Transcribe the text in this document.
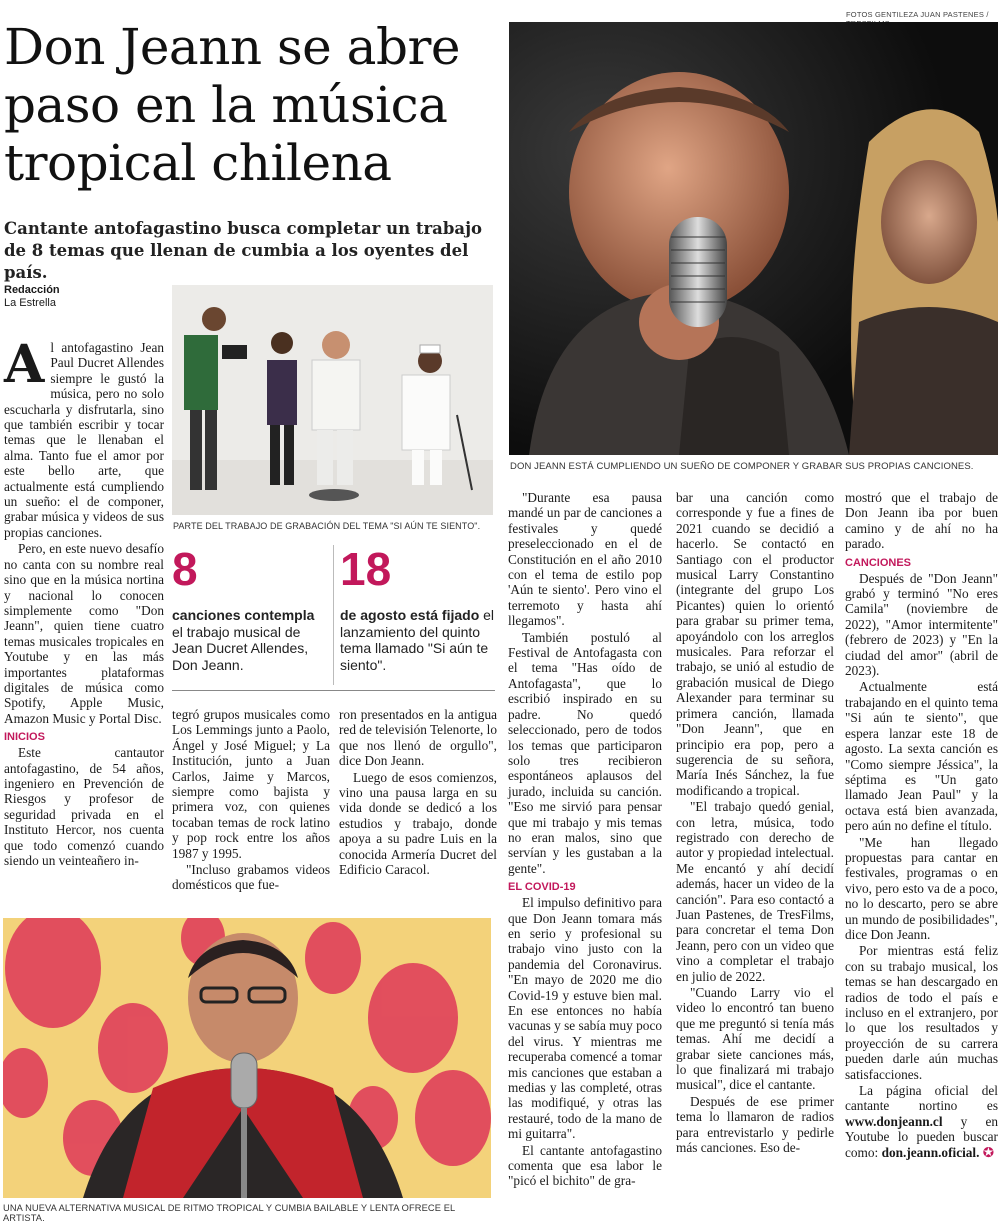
FOTOS GENTILEZA JUAN PASTENES /
Don Jeann se abre paso en la música tropical chilena
Cantante antofagastino busca completar un trabajo de 8 temas que llenan de cumbia a los oyentes del país.
Redacción
La Estrella
DON JEANN ESTÁ CUMPLIENDO UN SUEÑO DE COMPONER Y GRABAR SUS PROPIAS CANCIONES.
PARTE DEL TRABAJO DE GRABACIÓN DEL TEMA "SI AÚN TE SIENTO".

Al antofagastino Jean Paul Ducret Allendes siempre le gustó la música, pero no solo escucharla y disfrutarla, sino que también escribir y tocar temas que le llenaban el alma. Tanto fue el amor por este bello arte, que actualmente está cumpliendo un sueño: el de componer, grabar música y videos de sus propias canciones.

Pero, en este nuevo desafío no canta con su nombre real sino que en la música nortina y nacional lo conocen simplemente como "Don Jeann", quien tiene cuatro temas musicales tropicales en Youtube y en las más importantes plataformas digitales de música como Spotify, Apple Music, Amazon Music y Portal Disc.

INICIOS

Este cantautor antofagastino, de 54 años, ingeniero en Prevención de Riesgos y profesor de seguridad privada en el Instituto Hercor, nos cuenta que todo comenzó cuando siendo un veinteañero in-

8
canciones contempla el trabajo musical de Jean Ducret Allendes, Don Jeann.
18
de agosto está fijado el lanzamiento del quinto tema llamado "Si aún te siento".

tegró grupos musicales como Los Lemmings junto a Paolo, Ángel y José Miguel; y La Institución, junto a Juan Carlos, Jaime y Marcos, siempre como bajista y primera voz, con quienes tocaban temas de rock latino y pop rock entre los años 1987 y 1995.

"Incluso grabamos videos domésticos que fue-

ron presentados en la antigua red de televisión Telenorte, lo que nos llenó de orgullo", dice Don Jeann.

Luego de esos comienzos, vino una pausa larga en su vida donde se dedicó a los estudios y trabajo, donde apoya a su padre Luis en la conocida Armería Ducret del Edificio Caracol.

UNA NUEVA ALTERNATIVA MUSICAL DE RITMO TROPICAL Y CUMBIA BAILABLE Y LENTA OFRECE EL ARTISTA.

"Durante esa pausa mandé un par de canciones a festivales y quedé preseleccionado en el de Constitución en el año 2010 con el tema de estilo pop 'Aún te siento'. Pero vino el terremoto y hasta ahí llegamos".

También postuló al Festival de Antofagasta con el tema "Has oído de Antofagasta", que lo escribió inspirado en su padre. No quedó seleccionado, pero de todos los temas que participaron solo tres recibieron espontáneos aplausos del jurado, incluida su canción. "Eso me sirvió para pensar que mi trabajo y mis temas no eran malos, sino que servían y les gustaban a la gente".

EL COVID-19

El impulso definitivo para que Don Jeann tomara más en serio y profesional su trabajo vino justo con la pandemia del Coronavirus. "En mayo de 2020 me dio Covid-19 y estuve bien mal. En ese entonces no había vacunas y se sabía muy poco del virus. Y mientras me recuperaba comencé a tomar mis canciones que estaban a medias y las completé, otras las modifiqué, y otras las restauré, todo de la mano de mi guitarra".

El cantante antofagastino comenta que esa labor le "picó el bichito" de gra-

bar una canción como corresponde y fue a fines de 2021 cuando se decidió a hacerlo. Se contactó en Santiago con el productor musical Larry Constantino (integrante del grupo Los Picantes) quien lo orientó para grabar su primer tema, apoyándolo con los arreglos musicales. Para reforzar el trabajo, se unió al estudio de grabación musical de Diego Alexander para terminar su primera canción, llamada "Don Jeann", que en principio era pop, pero a sugerencia de su señora, María Inés Sánchez, la fue modificando a tropical.

"El trabajo quedó genial, con letra, música, todo registrado con derecho de autor y propiedad intelectual. Me encantó y ahí decidí además, hacer un video de la canción". Para eso contactó a Juan Pastenes, de TresFilms, para concretar el tema Don Jeann, pero con un video que vino a completar el trabajo en julio de 2022.

"Cuando Larry vio el video lo encontró tan bueno que me preguntó si tenía más temas. Ahí me decidí a grabar siete canciones más, lo que finalizará mi trabajo musical", dice el cantante.

Después de ese primer tema lo llamaron de radios para entrevistarlo y pedirle más canciones. Eso de-

mostró que el trabajo de Don Jeann iba por buen camino y de ahí no ha parado.

CANCIONES

Después de "Don Jeann" grabó y terminó "No eres Camila" (noviembre de 2022), "Amor intermitente" (febrero de 2023) y "En la ciudad del amor" (abril de 2023).

Actualmente está trabajando en el quinto tema "Si aún te siento", que espera lanzar este 18 de agosto. La sexta canción es "Como siempre Jéssica", la séptima es "Un gato llamado Jean Paul" y la octava está bien avanzada, pero aún no define el título.

"Me han llegado propuestas para cantar en festivales, programas o en vivo, pero esto va de a poco, no lo descarto, pero se abre un mundo de posibilidades", dice Don Jeann.

Por mientras está feliz con su trabajo musical, los temas se han descargado en radios de todo el país e incluso en el extranjero, por lo que los resultados y proyección de su carrera pueden darle aún muchas satisfacciones.

La página oficial del cantante nortino es www.donjeann.cl y en Youtube lo pueden buscar como: don.jeann.oficial. ✪
